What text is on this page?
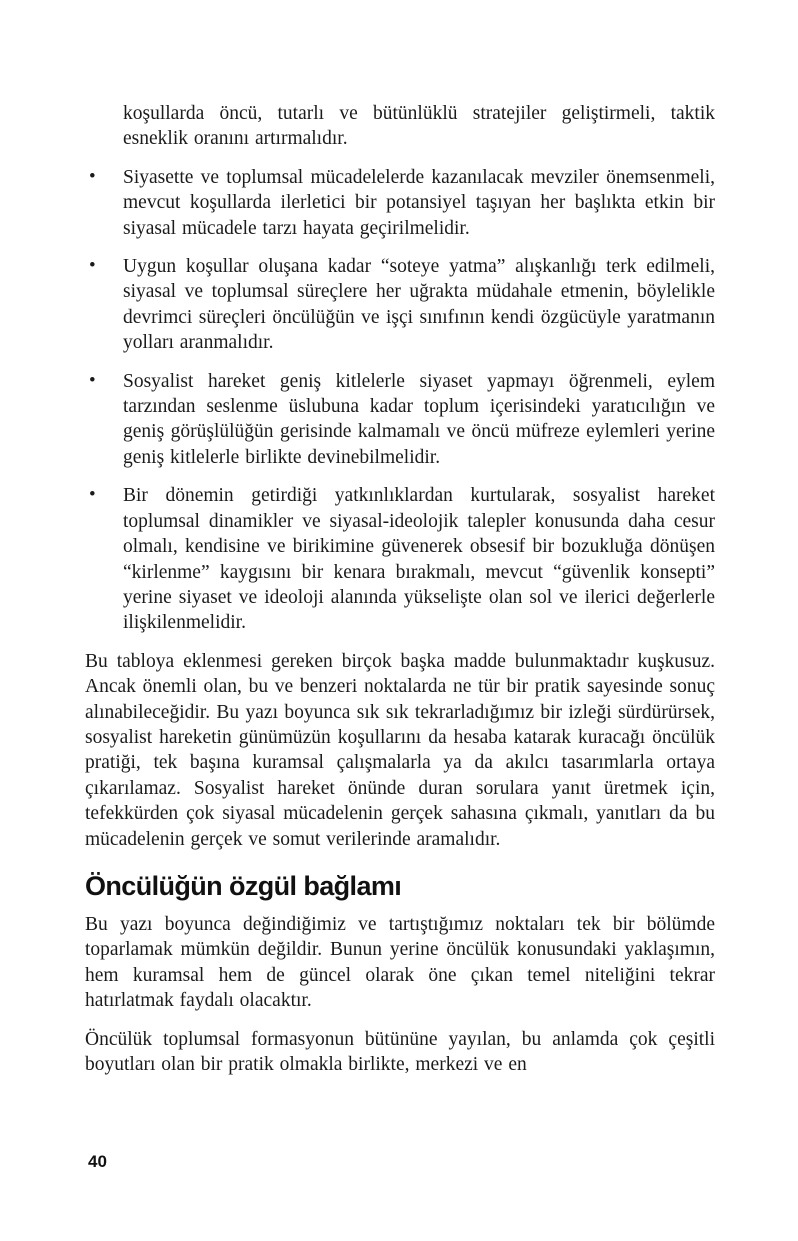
koşullarda öncü, tutarlı ve bütünlüklü stratejiler geliştirmeli, taktik esneklik oranını artırmalıdır.

• Siyasette ve toplumsal mücadelelerde kazanılacak mevziler önemsenmeli, mevcut koşullarda ilerletici bir potansiyel taşıyan her başlıkta etkin bir siyasal mücadele tarzı hayata geçirilmelidir.

• Uygun koşullar oluşana kadar “soteye yatma” alışkanlığı terk edilmeli, siyasal ve toplumsal süreçlere her uğrakta müdahale etmenin, böylelikle devrimci süreçleri öncülüğün ve işçi sınıfının kendi özgücüyle yaratmanın yolları aranmalıdır.

• Sosyalist hareket geniş kitlelerle siyaset yapmayı öğrenmeli, eylem tarzından seslenme üslubuna kadar toplum içerisindeki yaratıcılığın ve geniş görüşlülüğün gerisinde kalmamalı ve öncü müfreze eylemleri yerine geniş kitlelerle birlikte devinebilmelidir.

• Bir dönemin getirdiği yatkınlıklardan kurtularak, sosyalist hareket toplumsal dinamikler ve siyasal-ideolojik talepler konusunda daha cesur olmalı, kendisine ve birikimine güvenerek obsesif bir bozukluğa dönüşen “kirlenme” kaygısını bir kenara bırakmalı, mevcut “güvenlik konsepti” yerine siyaset ve ideoloji alanında yükselişte olan sol ve ilerici değerlerle ilişkilenmelidir.

Bu tabloya eklenmesi gereken birçok başka madde bulunmaktadır kuşkusuz. Ancak önemli olan, bu ve benzeri noktalarda ne tür bir pratik sayesinde sonuç alınabileceğidir. Bu yazı boyunca sık sık tekrarladığımız bir izleği sürdürürsek, sosyalist hareketin günümüzün koşullarını da hesaba katarak kuracağı öncülük pratiği, tek başına kuramsal çalışmalarla ya da akılcı tasarımlarla ortaya çıkarılamaz. Sosyalist hareket önünde duran sorulara yanıt üretmek için, tefekkürden çok siyasal mücadelenin gerçek sahasına çıkmalı, yanıtları da bu mücadelenin gerçek ve somut verilerinde aramalıdır.

Öncülüğün özgül bağlamı

Bu yazı boyunca değindiğimiz ve tartıştığımız noktaları tek bir bölümde toparlamak mümkün değildir. Bunun yerine öncülük konusundaki yaklaşımın, hem kuramsal hem de güncel olarak öne çıkan temel niteliğini tekrar hatırlatmak faydalı olacaktır.

Öncülük toplumsal formasyonun bütününe yayılan, bu anlamda çok çeşitli boyutları olan bir pratik olmakla birlikte, merkezi ve en

40
